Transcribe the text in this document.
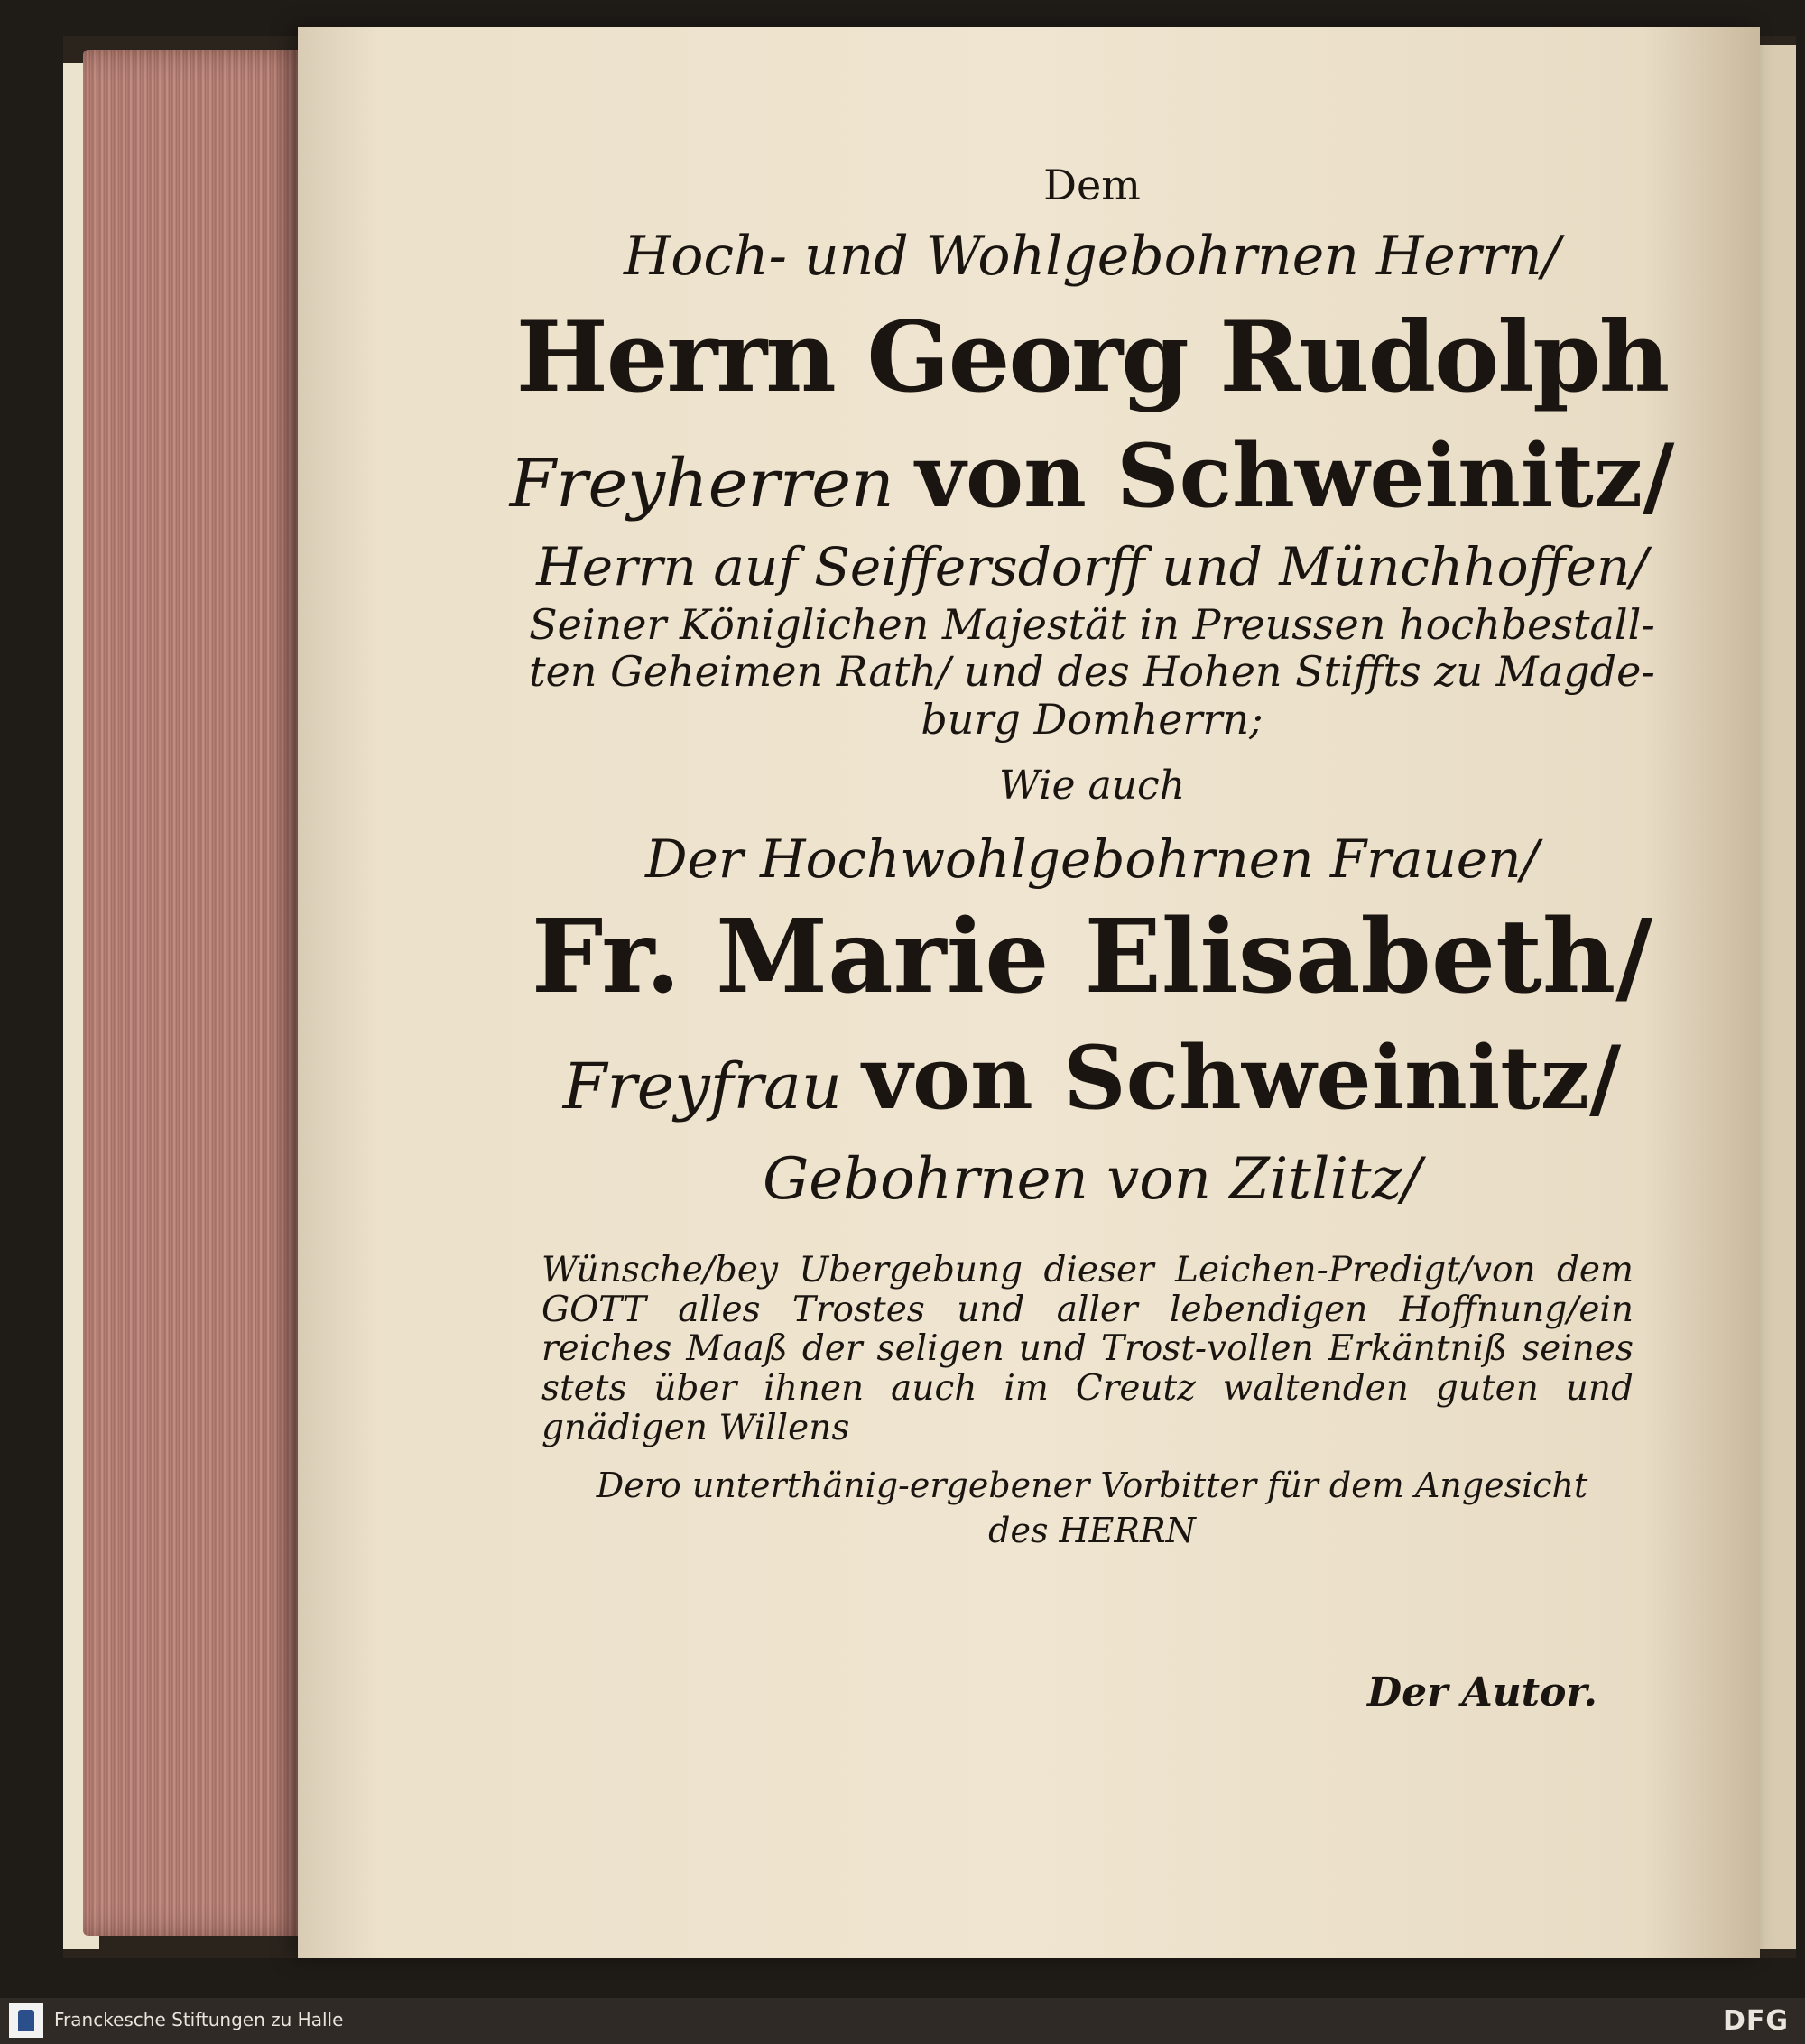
Dem
Hoch- und Wohlgebohrnen Herrn/
Herrn Georg Rudolph
Freyherren von Schweinitz/
Herrn auf Seiffersdorff und Münchhoffen/
Seiner Königlichen Majestät in Preussen hochbestall-
ten Geheimen Rath/ und des Hohen Stiffts zu Magde-
burg Domherrn;
Wie auch
Der Hochwohlgebohrnen Frauen/
Fr. Marie Elisabeth/
Freyfrau von Schweinitz/
Gebohrnen von Zitlitz/
Wünsche/bey Ubergebung dieser Leichen-Predigt/von dem GOTT alles Trostes und aller lebendigen Hoffnung/ein reiches Maaß der seligen und Trost-vollen Erkäntniß seines stets über ihnen auch im Creutz waltenden guten und gnädigen Willens
Dero unterthänig-ergebener Vorbitter für dem Angesicht
des HERRN
Der Autor.
Franckesche Stiftungen zu Halle	DFG
